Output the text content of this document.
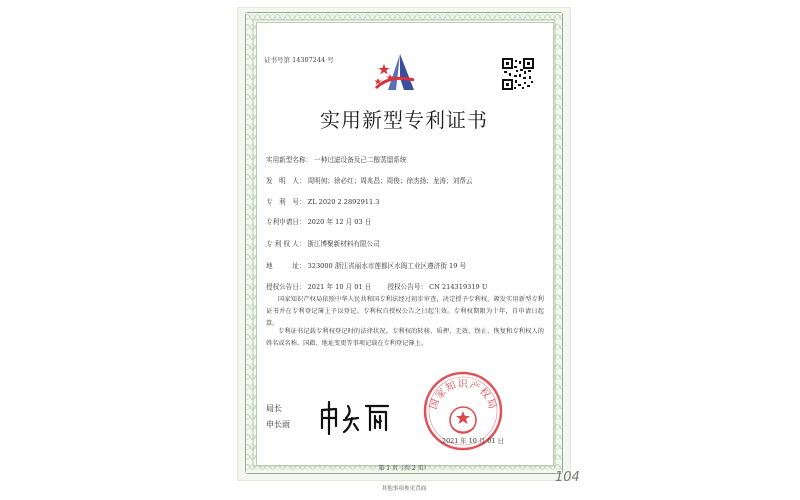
证书号第 14307244 号
实用新型专利证书
实用新型名称： 一种过滤设备及己二醇蒸馏系统
发　明　人： 周明何；徐必红；周兆昌；周俊；徐杰扬；龙涛；刘帮云
专　利　号： ZL 2020 2 2892911.3
专利申请日： 2020 年 12 月 03 日
专 利 权 人： 浙江博聚新材料有限公司
地　　　址： 323000 浙江省丽水市莲都区水阁工业区遵济街 19 号
授权公告日： 2021 年 10 月 01 日 授权公告号： CN 214319319 U
国家知识产权局依照中华人民共和国专利法经过初步审查，决定授予专利权，颁发实用新型专利证书并在专利登记簿上予以登记。专利权自授权公告之日起生效。专利权期限为十年，自申请日起算。
专利证书记载专利权登记时的法律状况。专利权的转移、质押、无效、终止、恢复和专利权人的姓名或名称、国籍、地址变更等事项记载在专利登记簿上。
局长
申长雨
国家知识产权局
2021 年 10 月 01 日
第 1 页（共 2 页）
其他事项参见背面
104
